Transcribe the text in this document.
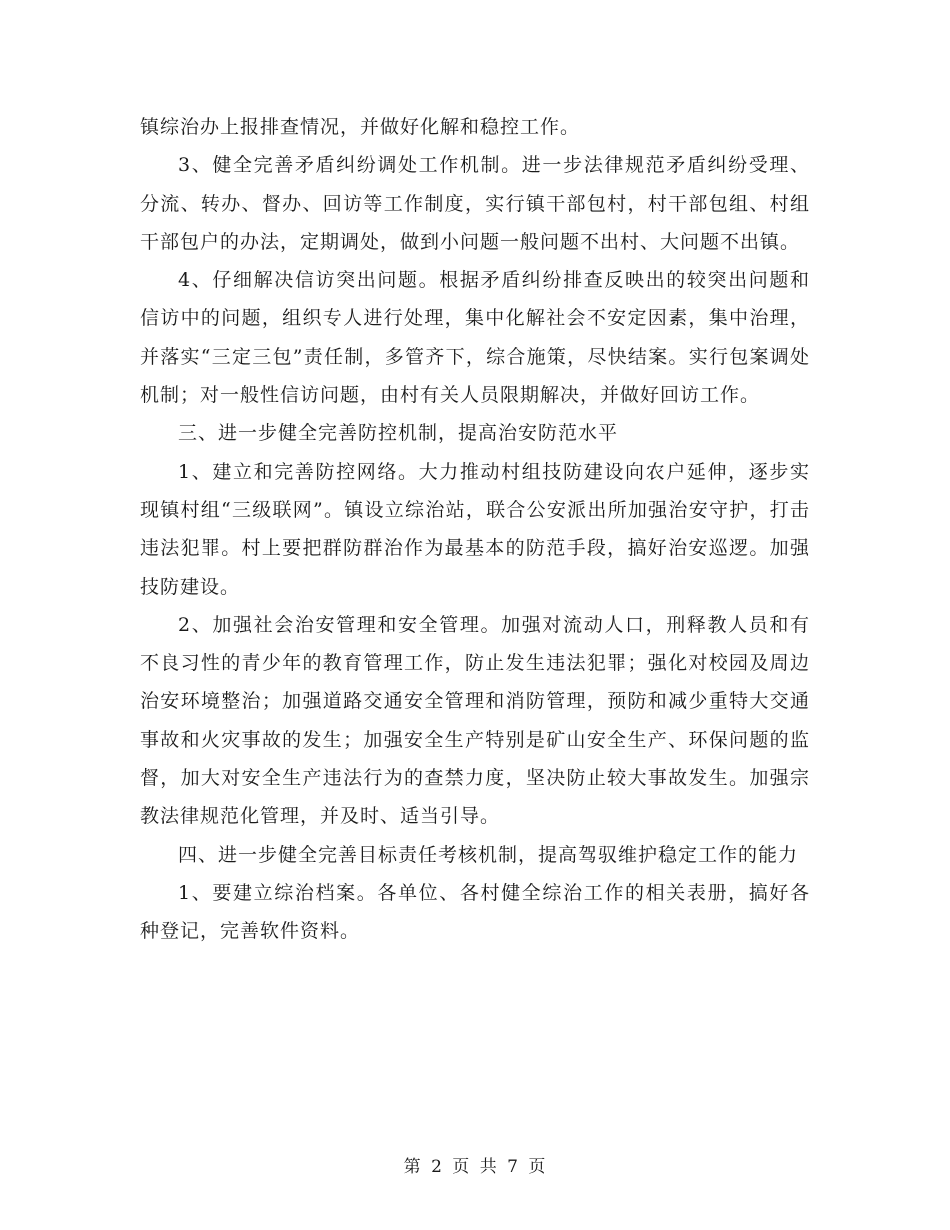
镇综治办上报排查情况，并做好化解和稳控工作。

3、健全完善矛盾纠纷调处工作机制。进一步法律规范矛盾纠纷受理、分流、转办、督办、回访等工作制度，实行镇干部包村，村干部包组、村组干部包户的办法，定期调处，做到小问题一般问题不出村、大问题不出镇。

4、仔细解决信访突出问题。根据矛盾纠纷排查反映出的较突出问题和信访中的问题，组织专人进行处理，集中化解社会不安定因素，集中治理，并落实“三定三包”责任制，多管齐下，综合施策，尽快结案。实行包案调处机制；对一般性信访问题，由村有关人员限期解决，并做好回访工作。

三、进一步健全完善防控机制，提高治安防范水平

1、建立和完善防控网络。大力推动村组技防建设向农户延伸，逐步实现镇村组“三级联网”。镇设立综治站，联合公安派出所加强治安守护，打击违法犯罪。村上要把群防群治作为最基本的防范手段，搞好治安巡逻。加强技防建设。

2、加强社会治安管理和安全管理。加强对流动人口，刑释教人员和有不良习性的青少年的教育管理工作，防止发生违法犯罪；强化对校园及周边治安环境整治；加强道路交通安全管理和消防管理，预防和减少重特大交通事故和火灾事故的发生；加强安全生产特别是矿山安全生产、环保问题的监督，加大对安全生产违法行为的查禁力度，坚决防止较大事故发生。加强宗教法律规范化管理，并及时、适当引导。

四、进一步健全完善目标责任考核机制，提高驾驭维护稳定工作的能力

1、要建立综治档案。各单位、各村健全综治工作的相关表册，搞好各种登记，完善软件资料。

第 2 页 共 7 页
